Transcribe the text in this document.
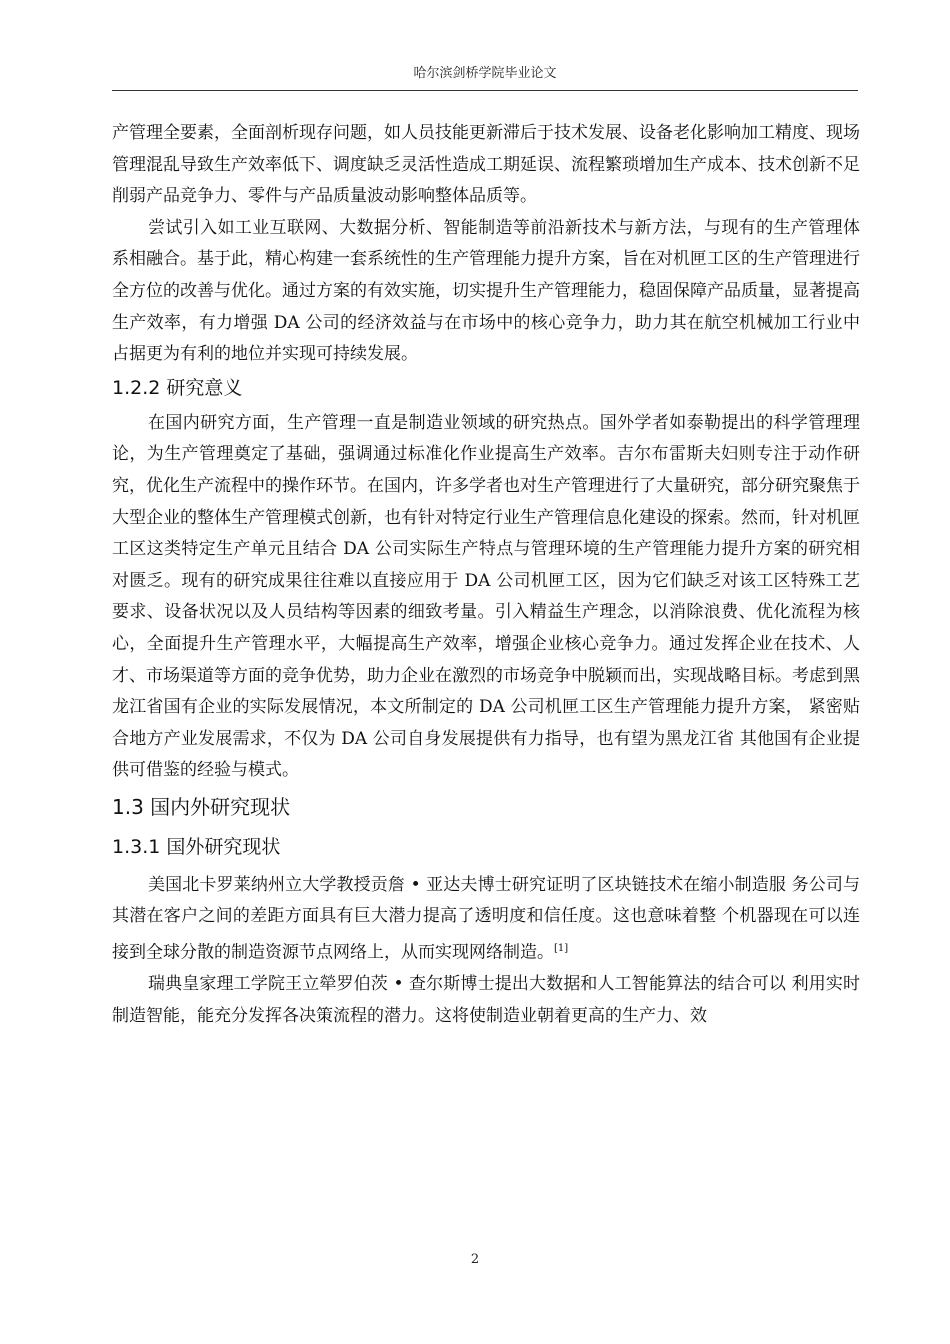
哈尔滨剑桥学院毕业论文

产管理全要素，全面剖析现存问题，如人员技能更新滞后于技术发展、设备老化影响加工精度、现场管理混乱导致生产效率低下、调度缺乏灵活性造成工期延误、流程繁琐增加生产成本、技术创新不足削弱产品竞争力、零件与产品质量波动影响整体品质等。

尝试引入如工业互联网、大数据分析、智能制造等前沿新技术与新方法，与现有的生产管理体系相融合。基于此，精心构建一套系统性的生产管理能力提升方案，旨在对机匣工区的生产管理进行全方位的改善与优化。通过方案的有效实施，切实提升生产管理能力，稳固保障产品质量，显著提高生产效率，有力增强 DA 公司的经济效益与在市场中的核心竞争力，助力其在航空机械加工行业中占据更为有利的地位并实现可持续发展。

1.2.2 研究意义

在国内研究方面，生产管理一直是制造业领域的研究热点。国外学者如泰勒提出的科学管理理论，为生产管理奠定了基础，强调通过标准化作业提高生产效率。吉尔布雷斯夫妇则专注于动作研究，优化生产流程中的操作环节。在国内，许多学者也对生产管理进行了大量研究，部分研究聚焦于大型企业的整体生产管理模式创新，也有针对特定行业生产管理信息化建设的探索。然而，针对机匣工区这类特定生产单元且结合 DA 公司实际生产特点与管理环境的生产管理能力提升方案的研究相对匮乏。现有的研究成果往往难以直接应用于 DA 公司机匣工区，因为它们缺乏对该工区特殊工艺要求、设备状况以及人员结构等因素的细致考量。引入精益生产理念，以消除浪费、优化流程为核心，全面提升生产管理水平，大幅提高生产效率，增强企业核心竞争力。通过发挥企业在技术、人才、市场渠道等方面的竞争优势，助力企业在激烈的市场竞争中脱颖而出，实现战略目标。考虑到黑龙江省国有企业的实际发展情况，本文所制定的 DA 公司机匣工区生产管理能力提升方案， 紧密贴合地方产业发展需求，不仅为 DA 公司自身发展提供有力指导，也有望为黑龙江省 其他国有企业提供可借鉴的经验与模式。

1.3 国内外研究现状
1.3.1 国外研究现状

美国北卡罗莱纳州立大学教授贡詹 • 亚达夫博士研究证明了区块链技术在缩小制造服 务公司与其潜在客户之间的差距方面具有巨大潜力提高了透明度和信任度。这也意味着整 个机器现在可以连接到全球分散的制造资源节点网络上，从而实现网络制造。[1]

瑞典皇家理工学院王立犖罗伯茨 • 查尔斯博士提出大数据和人工智能算法的结合可以 利用实时制造智能，能充分发挥各决策流程的潜力。这将使制造业朝着更高的生产力、效

2
